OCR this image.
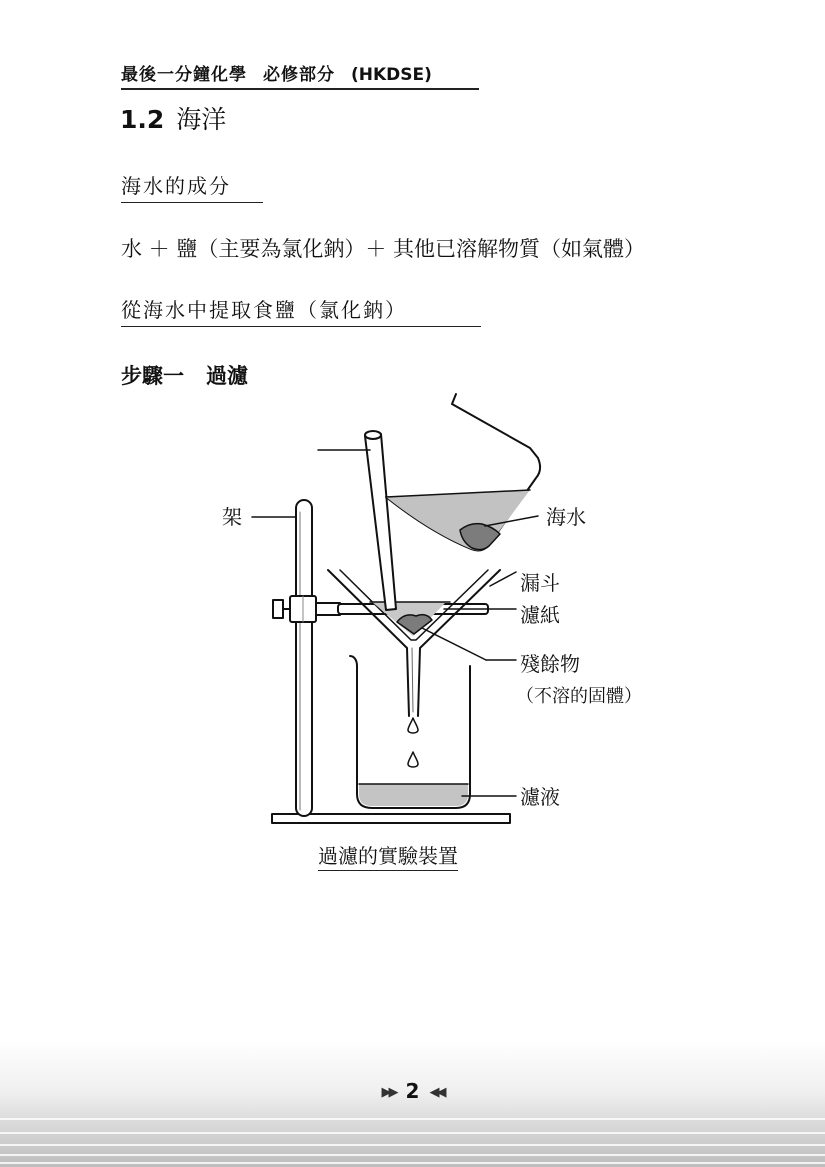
最後一分鐘化學 必修部分 (HKDSE)
1.2 海洋
海水的成分
水 ＋ 鹽（主要為氯化鈉）＋ 其他已溶解物質（如氣體）
從海水中提取食鹽（氯化鈉）
步驟一 過濾
架	海水
漏斗
濾紙
殘餘物
（不溶的固體）
濾液
過濾的實驗裝置
▶▶ 2 ◀◀
